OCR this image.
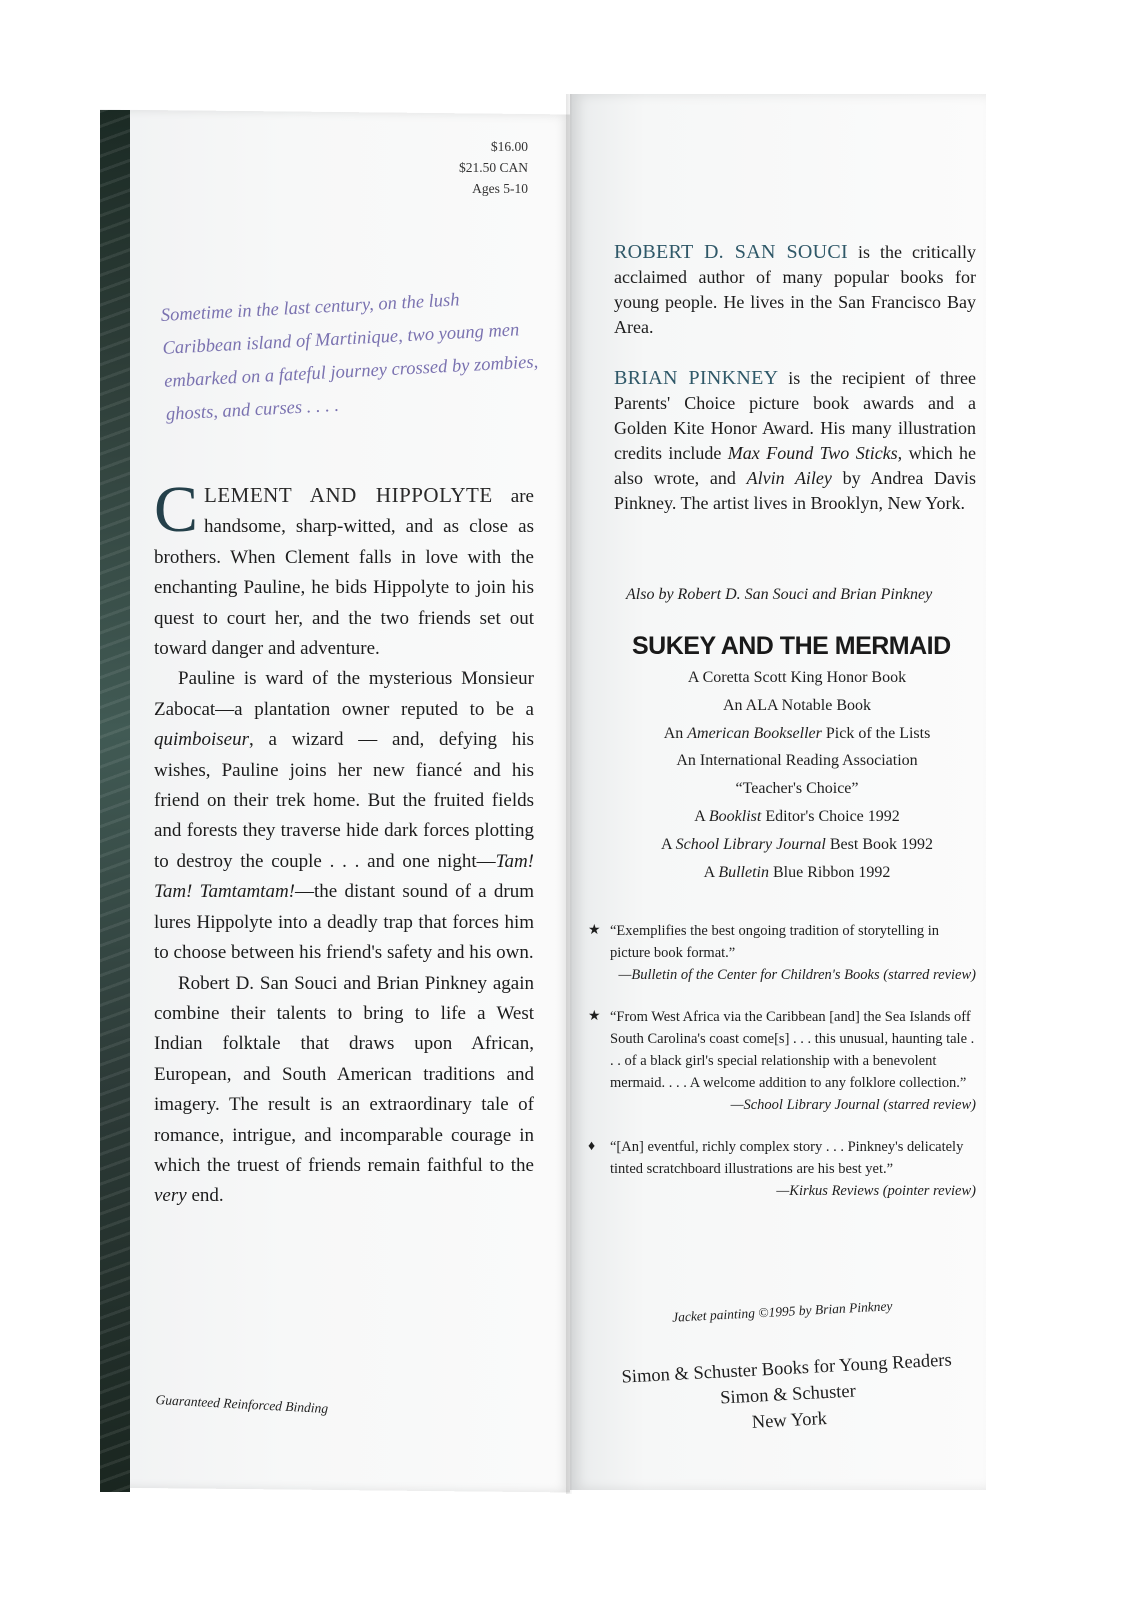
$16.00
$21.50 CAN
Ages 5-10
Sometime in the last century, on the lush Caribbean island of Martinique, two young men embarked on a fateful journey crossed by zombies, ghosts, and curses . . . .

C LEMENT AND HIPPOLYTE are handsome, sharp-witted, and as close as brothers. When Clement falls in love with the enchanting Pauline, he bids Hippolyte to join his quest to court her, and the two friends set out toward danger and adventure.

Pauline is ward of the mysterious Monsieur Zabocat—a plantation owner reputed to be a quimboiseur, a wizard — and, defying his wishes, Pauline joins her new fiancé and his friend on their trek home. But the fruited fields and forests they traverse hide dark forces plotting to destroy the couple . . . and one night—Tam! Tam! Tamtamtam!—the distant sound of a drum lures Hippolyte into a deadly trap that forces him to choose between his friend's safety and his own.

Robert D. San Souci and Brian Pinkney again combine their talents to bring to life a West Indian folktale that draws upon African, European, and South American traditions and imagery. The result is an extraordinary tale of romance, intrigue, and incomparable courage in which the truest of friends remain faithful to the very end.

Guaranteed Reinforced Binding

ROBERT D. SAN SOUCI is the critically acclaimed author of many popular books for young people. He lives in the San Francisco Bay Area.

BRIAN PINKNEY is the recipient of three Parents' Choice picture book awards and a Golden Kite Honor Award. His many illustration credits include Max Found Two Sticks, which he also wrote, and Alvin Ailey by Andrea Davis Pinkney. The artist lives in Brooklyn, New York.

Also by Robert D. San Souci and Brian Pinkney
SUKEY AND THE MERMAID
A Coretta Scott King Honor Book
An ALA Notable Book
An American Bookseller Pick of the Lists
An International Reading Association
“Teacher's Choice”
A Booklist Editor's Choice 1992
A School Library Journal Best Book 1992
A Bulletin Blue Ribbon 1992
★ “Exemplifies the best ongoing tradition of storytelling in picture book format.”
—Bulletin of the Center for Children's Books (starred review)
★ “From West Africa via the Caribbean [and] the Sea Islands off South Carolina's coast come[s] . . . this unusual, haunting tale . . . of a black girl's special relationship with a benevolent mermaid. . . . A welcome addition to any folklore collection.”
—School Library Journal (starred review)
♦ “[An] eventful, richly complex story . . . Pinkney's delicately tinted scratchboard illustrations are his best yet.”
—Kirkus Reviews (pointer review)
Jacket painting ©1995 by Brian Pinkney
Simon & Schuster Books for Young Readers
Simon & Schuster
New York
